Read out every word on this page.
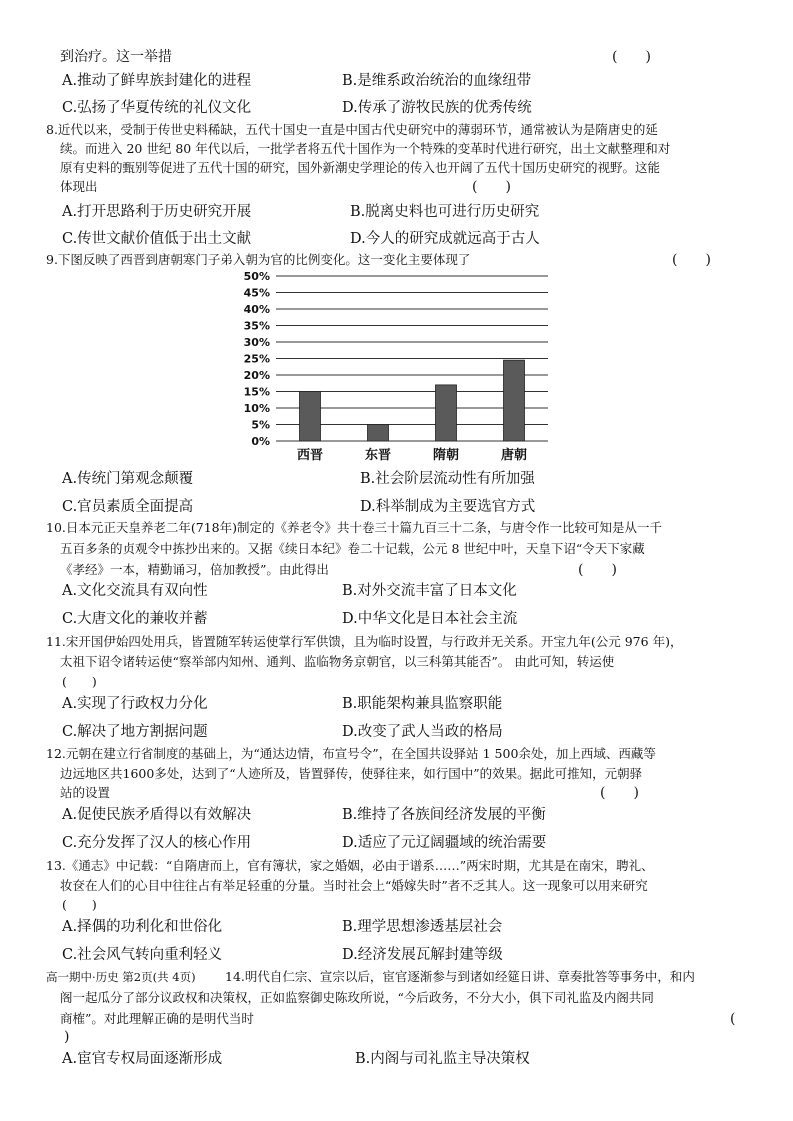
到治疗。这一举措	(　　)
A.推动了鲜卑族封建化的进程	B.是维系政治统治的血缘纽带
C.弘扬了华夏传统的礼仪文化	D.传承了游牧民族的优秀传统
8.近代以来，受制于传世史料稀缺，五代十国史一直是中国古代史研究中的薄弱环节，通常被认为是隋唐史的延
续。而进入 20 世纪 80 年代以后，一批学者将五代十国作为一个特殊的变革时代进行研究，出土文献整理和对
原有史料的甄别等促进了五代十国的研究，国外新潮史学理论的传入也开阔了五代十国历史研究的视野。这能
体现出	(　　)
A.打开思路利于历史研究开展	B.脱离史料也可进行历史研究
C.传世文献价值低于出土文献	D.今人的研究成就远高于古人
9.下图反映了西晋到唐朝寒门子弟入朝为官的比例变化。这一变化主要体现了	(　　)
0%
5%
10%
15%
20%
25%
30%
35%
40%
45%
50%
西晋	东晋	隋朝	唐朝
A.传统门第观念颠覆	B.社会阶层流动性有所加强
C.官员素质全面提高	D.科举制成为主要选官方式
10.日本元正天皇养老二年(718年)制定的《养老令》共十卷三十篇九百三十二条，与唐令作一比较可知是从一千
五百多条的贞观令中拣抄出来的。又据《续日本纪》卷二十记载，公元 8 世纪中叶，天皇下诏“令天下家藏
《孝经》一本，精勤诵习，倍加教授”。由此得出	(　　)
A.文化交流具有双向性	B.对外交流丰富了日本文化
C.大唐文化的兼收并蓄	D.中华文化是日本社会主流
11.宋开国伊始四处用兵，皆置随军转运使掌行军供馈，且为临时设置，与行政并无关系。开宝九年(公元 976 年)，
太祖下诏令诸转运使“察举部内知州、通判、监临物务京朝官，以三科第其能否”。 由此可知，转运使
(　　)
A.实现了行政权力分化	B.职能架构兼具监察职能
C.解决了地方割据问题	D.改变了武人当政的格局
12.元朝在建立行省制度的基础上，为“通达边情，布宣号令”，在全国共设驿站 1 500余处，加上西域、西藏等
边远地区共1600多处，达到了“人迹所及，皆置驿传，使驿往来，如行国中”的效果。据此可推知，元朝驿
站的设置	(　　)
A.促使民族矛盾得以有效解决	B.维持了各族间经济发展的平衡
C.充分发挥了汉人的核心作用	D.适应了元辽阔疆域的统治需要
13.《通志》中记载：“自隋唐而上，官有簿状，家之婚姻，必由于谱系……”两宋时期，尤其是在南宋，聘礼、
妆奁在人们的心目中往往占有举足轻重的分量。当时社会上“婚嫁失时”者不乏其人。这一现象可以用来研究
(　　)
A.择偶的功利化和世俗化	B.理学思想渗透基层社会
C.社会风气转向重利轻义	D.经济发展瓦解封建等级
高一期中·历史 第2页(共 4页) 14.明代自仁宗、宣宗以后，宦官逐渐参与到诸如经筵日讲、章奏批答等事务中，和内
阁一起瓜分了部分议政权和决策权，正如监察御史陈玫所说，“今后政务，不分大小，俱下司礼监及内阁共同
商榷”。对此理解正确的是明代当时	(
)
A.宦官专权局面逐渐形成	B.内阁与司礼监主导决策权
